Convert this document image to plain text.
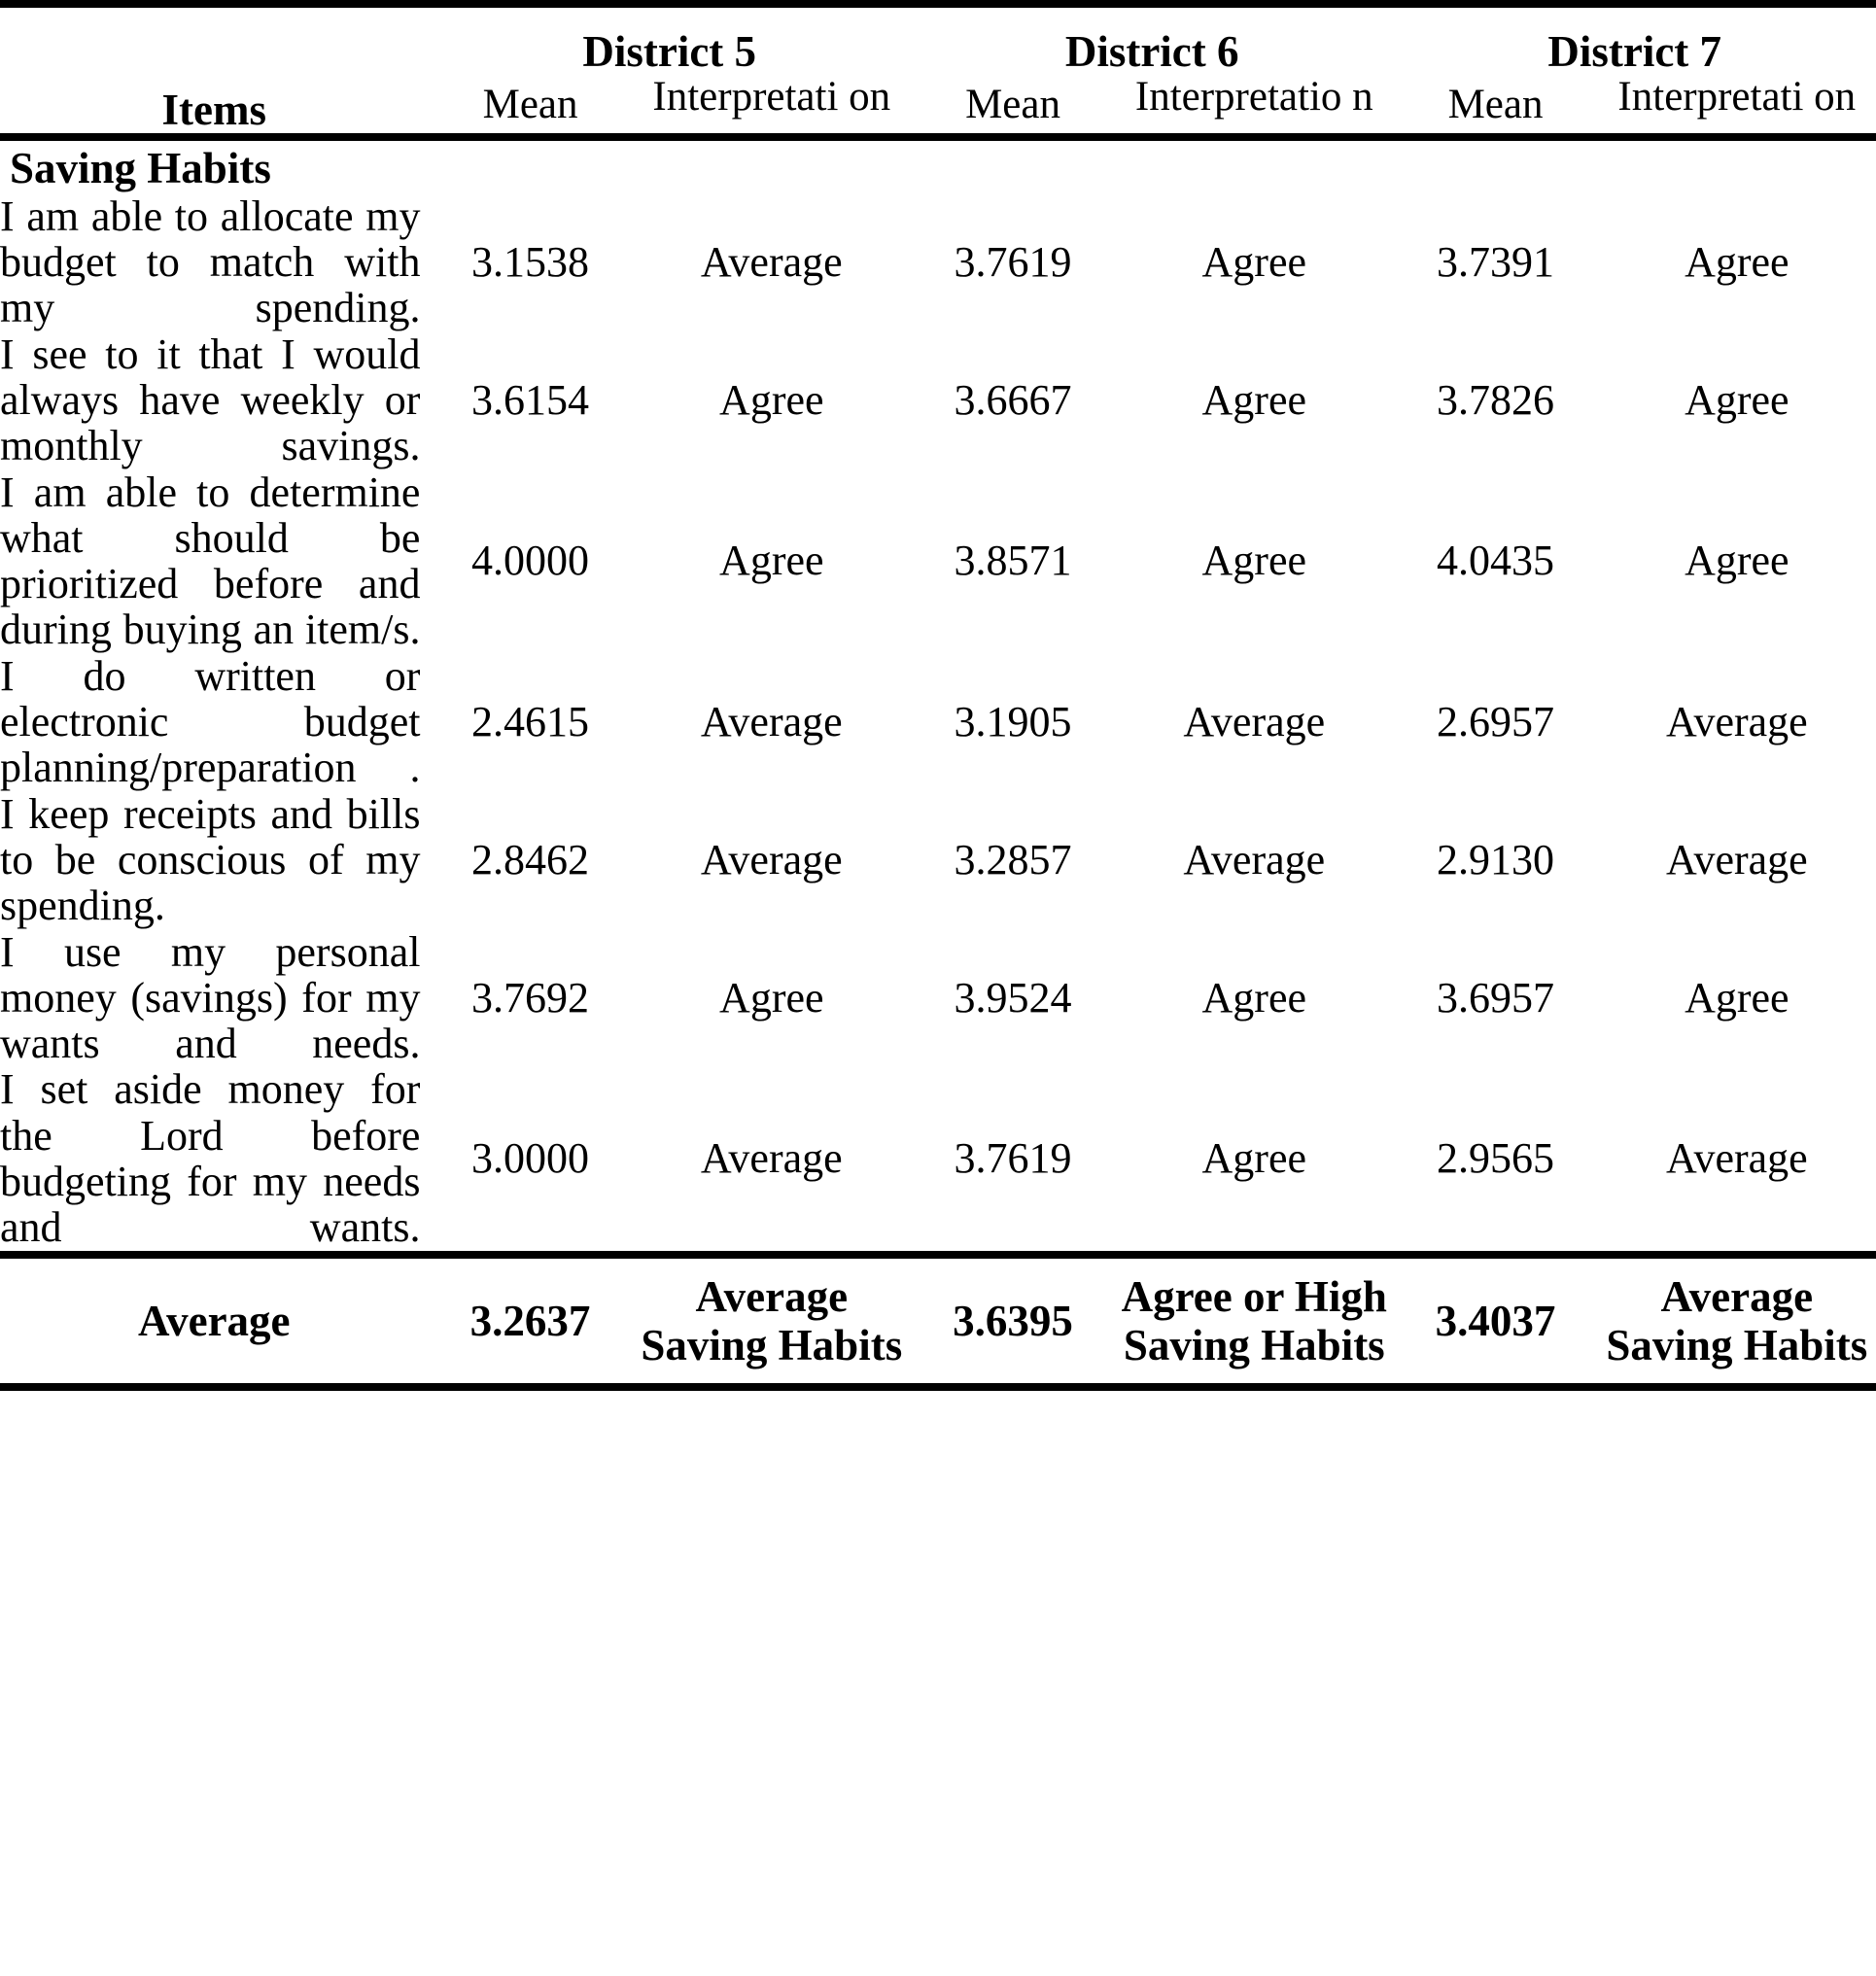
Items	District 5		District 6		District 7	
	Mean	Interpretati on	Mean	Interpretatio n	Mean	Interpretati on
Saving Habits						
I am able to allocate my budget to match with my spending.	3.1538	Average	3.7619	Agree	3.7391	Agree
I see to it that I would always have weekly or monthly savings.	3.6154	Agree	3.6667	Agree	3.7826	Agree
I am able to determine what should be prioritized before and during buying an item/s.	4.0000	Agree	3.8571	Agree	4.0435	Agree
I do written or electronic budget planning/preparation .	2.4615	Average	3.1905	Average	2.6957	Average
I keep receipts and bills to be conscious of my spending.	2.8462	Average	3.2857	Average	2.9130	Average
I use my personal money (savings) for my wants and needs.	3.7692	Agree	3.9524	Agree	3.6957	Agree
I set aside money for the Lord before budgeting for my needs and wants.	3.0000	Average	3.7619	Agree	2.9565	Average
Average	3.2637	Average Saving Habits	3.6395	Agree or High Saving Habits	3.4037	Average Saving Habits
